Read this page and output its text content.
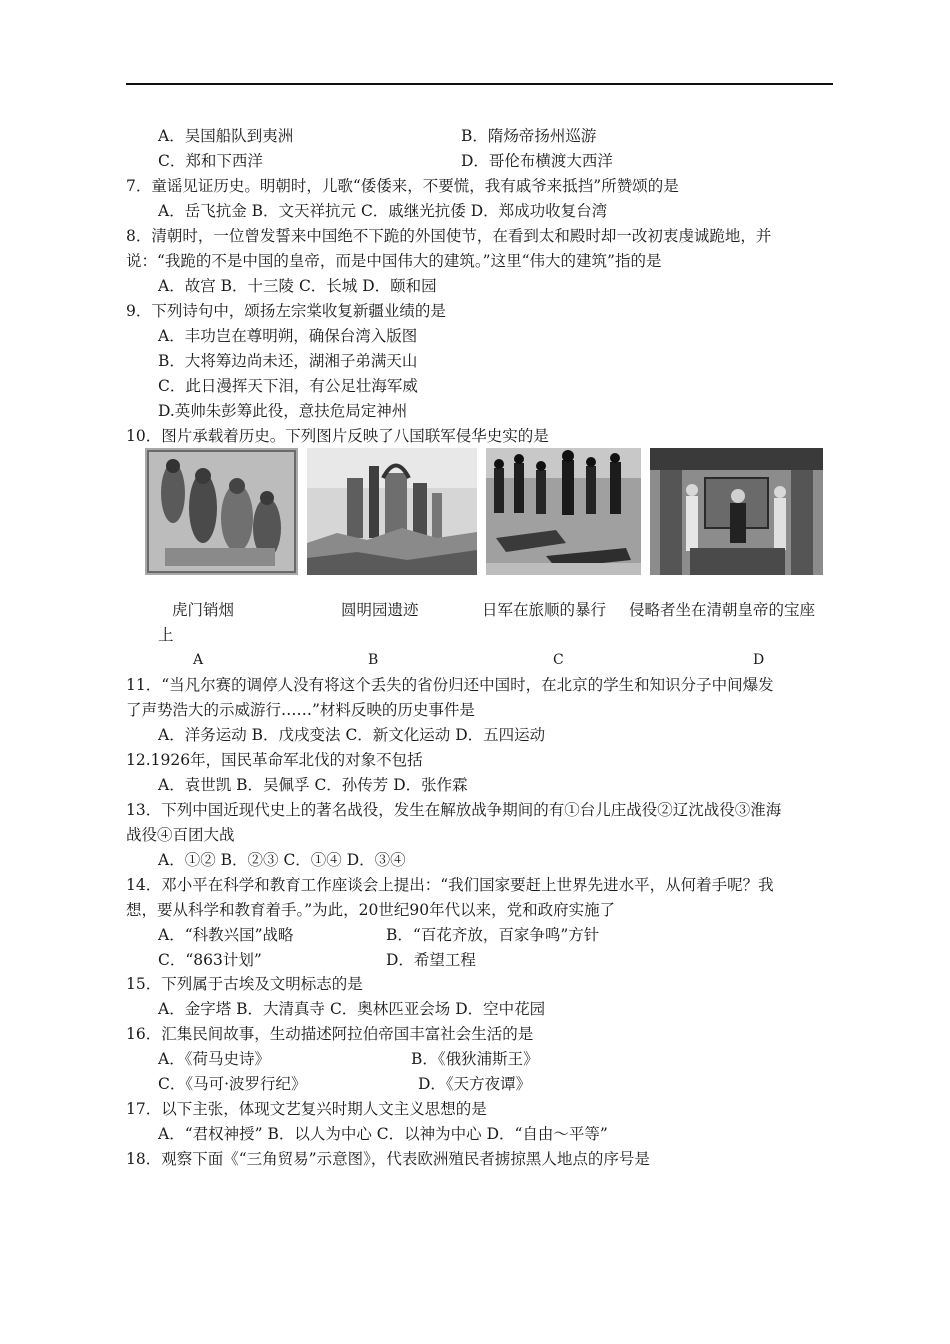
A．吴国船队到夷洲	B．隋炀帝扬州巡游
C．郑和下西洋	D．哥伦布横渡大西洋
7．童谣见证历史。明朝时，儿歌“倭倭来，不要慌，我有戚爷来抵挡”所赞颂的是
A．岳飞抗金 B．文天祥抗元 C．戚继光抗倭 D．郑成功收复台湾
8．清朝时，一位曾发誓来中国绝不下跪的外国使节，在看到太和殿时却一改初衷虔诚跪地，并
说：“我跪的不是中国的皇帝，而是中国伟大的建筑。”这里“伟大的建筑”指的是
A．故宫 B．十三陵 C．长城 D．颐和园
9．下列诗句中，颂扬左宗棠收复新疆业绩的是
A．丰功岂在尊明朔，确保台湾入版图
B．大将筹边尚未还，湖湘子弟满天山
C．此日漫挥天下泪，有公足壮海军威
D.英帅朱彭筹此役，意扶危局定神州
10．图片承载着历史。下列图片反映了八国联军侵华史实的是
虎门销烟	圆明园遗迹	日军在旅顺的暴行 侵略者坐在清朝皇帝的宝座
上
A	B	C	D
11．“当凡尔赛的调停人没有将这个丢失的省份归还中国时，在北京的学生和知识分子中间爆发
了声势浩大的示威游行……”材料反映的历史事件是
A．洋务运动 B．戊戌变法 C．新文化运动 D．五四运动
12.1926年，国民革命军北伐的对象不包括
A．袁世凯 B．吴佩孚 C．孙传芳 D．张作霖
13．下列中国近现代史上的著名战役，发生在解放战争期间的有①台儿庄战役②辽沈战役③淮海
战役④百团大战
A．①② B．②③ C．①④ D．③④
14．邓小平在科学和教育工作座谈会上提出：“我们国家要赶上世界先进水平，从何着手呢？我
想，要从科学和教育着手。”为此，20世纪90年代以来，党和政府实施了
A．“科教兴国”战略	B．“百花齐放，百家争鸣”方针
C．“863计划”	D．希望工程
15．下列属于古埃及文明标志的是
A．金字塔 B．大清真寺 C．奥林匹亚会场 D．空中花园
16．汇集民间故事，生动描述阿拉伯帝国丰富社会生活的是
A．《荷马史诗》	B．《俄狄浦斯王》
C．《马可·波罗行纪》	D．《天方夜谭》
17．以下主张，体现文艺复兴时期人文主义思想的是
A．“君权神授” B．以人为中心 C．以神为中心 D．“自由～平等”
18．观察下面《“三角贸易”示意图》，代表欧洲殖民者掳掠黑人地点的序号是
